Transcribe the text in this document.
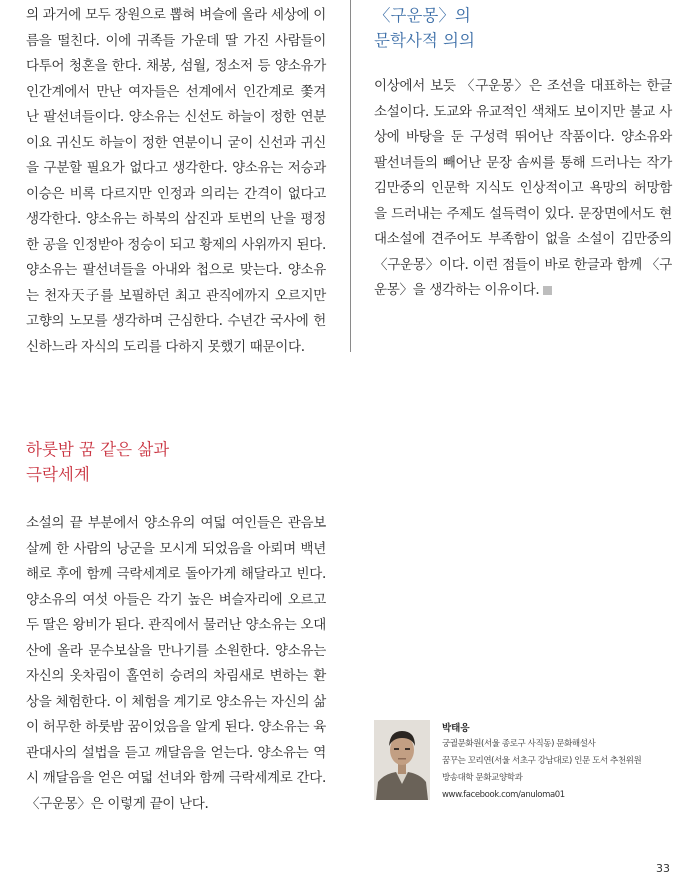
의 과거에 모두 장원으로 뽑혀 벼슬에 올라 세상에 이름을 떨친다. 이에 귀족들 가운데 딸 가진 사람들이 다투어 청혼을 한다. 채봉, 섬월, 정소저 등 양소유가 인간계에서 만난 여자들은 선계에서 인간계로 쫓겨난 팔선녀들이다. 양소유는 신선도 하늘이 정한 연분이요 귀신도 하늘이 정한 연분이니 굳이 신선과 귀신을 구분할 필요가 없다고 생각한다. 양소유는 저승과 이승은 비록 다르지만 인정과 의리는 간격이 없다고 생각한다. 양소유는 하북의 삼진과 토번의 난을 평정한 공을 인정받아 정승이 되고 황제의 사위까지 된다. 양소유는 팔선녀들을 아내와 첩으로 맞는다. 양소유는 천자天子를 보필하던 최고 관직에까지 오르지만 고향의 노모를 생각하며 근심한다. 수년간 국사에 헌신하느라 자식의 도리를 다하지 못했기 때문이다.

하룻밤 꿈 같은 삶과
극락세계

소설의 끝 부분에서 양소유의 여덟 여인들은 관음보살께 한 사람의 낭군을 모시게 되었음을 아뢰며 백년해로 후에 함께 극락세계로 돌아가게 해달라고 빈다. 양소유의 여섯 아들은 각기 높은 벼슬자리에 오르고 두 딸은 왕비가 된다. 관직에서 물러난 양소유는 오대산에 올라 문수보살을 만나기를 소원한다. 양소유는 자신의 옷차림이 홀연히 승려의 차림새로 변하는 환상을 체험한다. 이 체험을 계기로 양소유는 자신의 삶이 허무한 하룻밤 꿈이었음을 알게 된다. 양소유는 육관대사의 설법을 듣고 깨달음을 얻는다. 양소유는 역시 깨달음을 얻은 여덟 선녀와 함께 극락세계로 간다. 〈구운몽〉은 이렇게 끝이 난다.

〈구운몽〉의
문학사적 의의

이상에서 보듯 〈구운몽〉은 조선을 대표하는 한글 소설이다. 도교와 유교적인 색채도 보이지만 불교 사상에 바탕을 둔 구성력 뛰어난 작품이다. 양소유와 팔선녀들의 빼어난 문장 솜씨를 통해 드러나는 작가 김만중의 인문학 지식도 인상적이고 욕망의 허망함을 드러내는 주제도 설득력이 있다. 문장면에서도 현대소설에 견주어도 부족함이 없을 소설이 김만중의 〈구운몽〉이다. 이런 점들이 바로 한글과 함께 〈구운몽〉을 생각하는 이유이다.

박태응

궁궐문화원(서울 종로구 사직동) 문화해설사

꿈꾸는 꼬리연(서울 서초구 강남대로) 인문 도서 추천위원

방송대학 문화교양학과

www.facebook.com/anuloma01

33
